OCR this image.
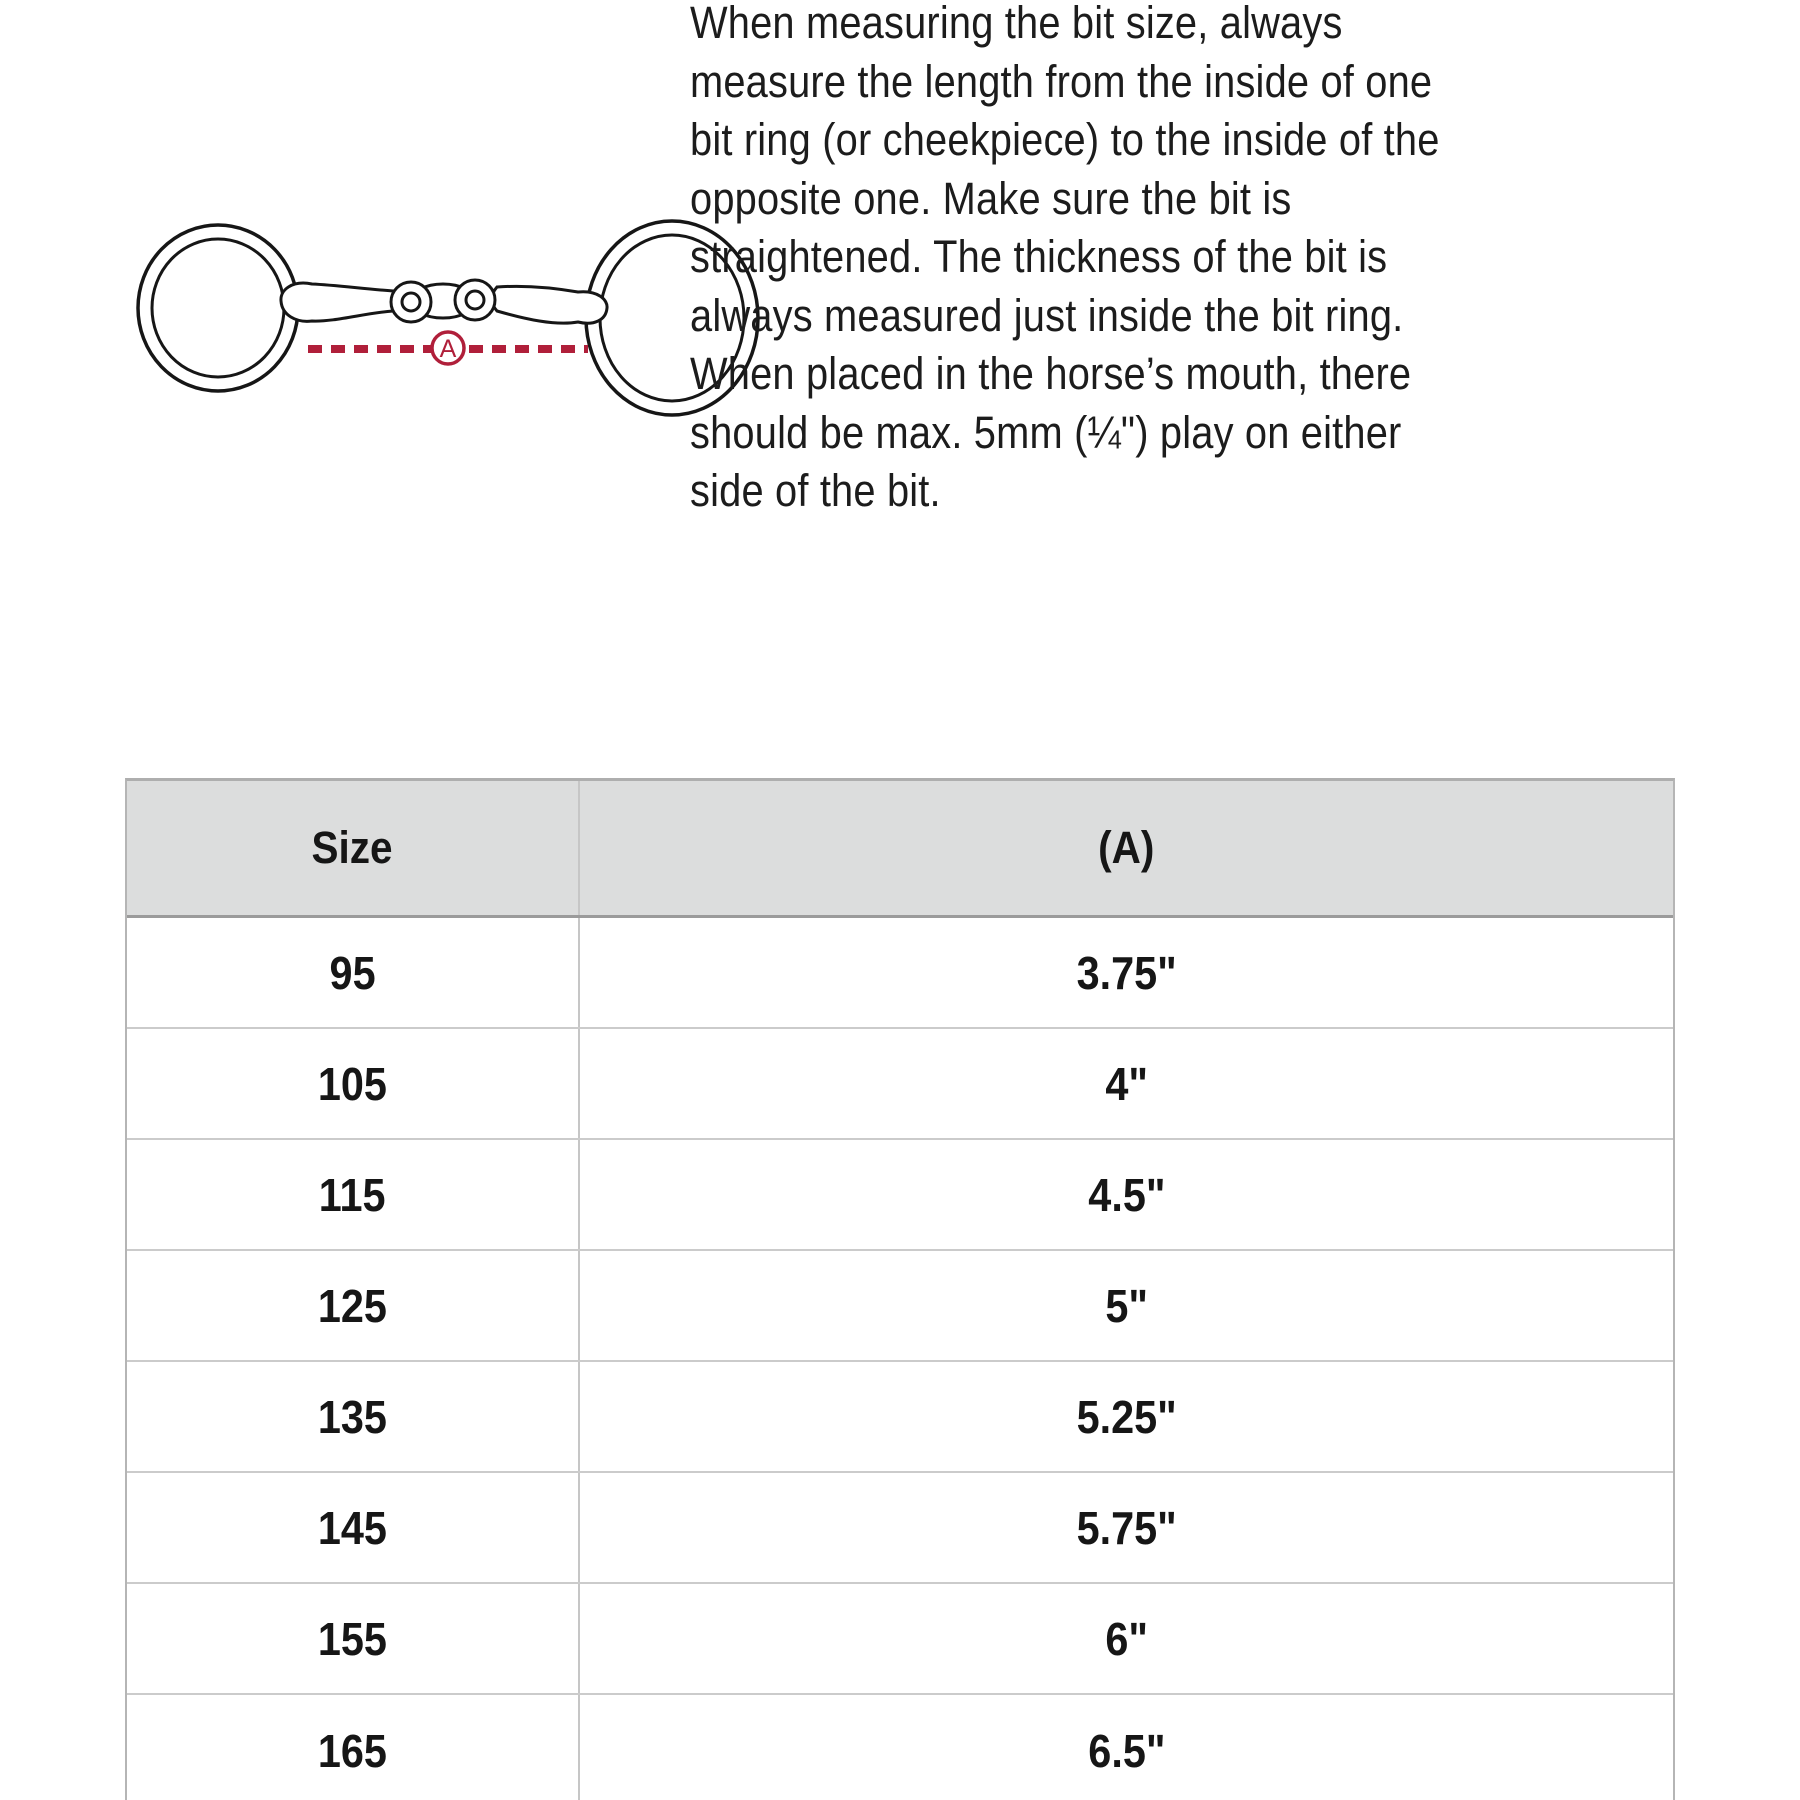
A
When measuring the bit size, always measure the length from the inside of one bit ring (or cheekpiece) to the inside of the opposite one. Make sure the bit is straightened. The thickness of the bit is always measured just inside the bit ring. When placed in the horse’s mouth, there should be max. 5mm (¼") play on either side of the bit.
Size	(A)
95	3.75"
105	4"
115	4.5"
125	5"
135	5.25"
145	5.75"
155	6"
165	6.5"
